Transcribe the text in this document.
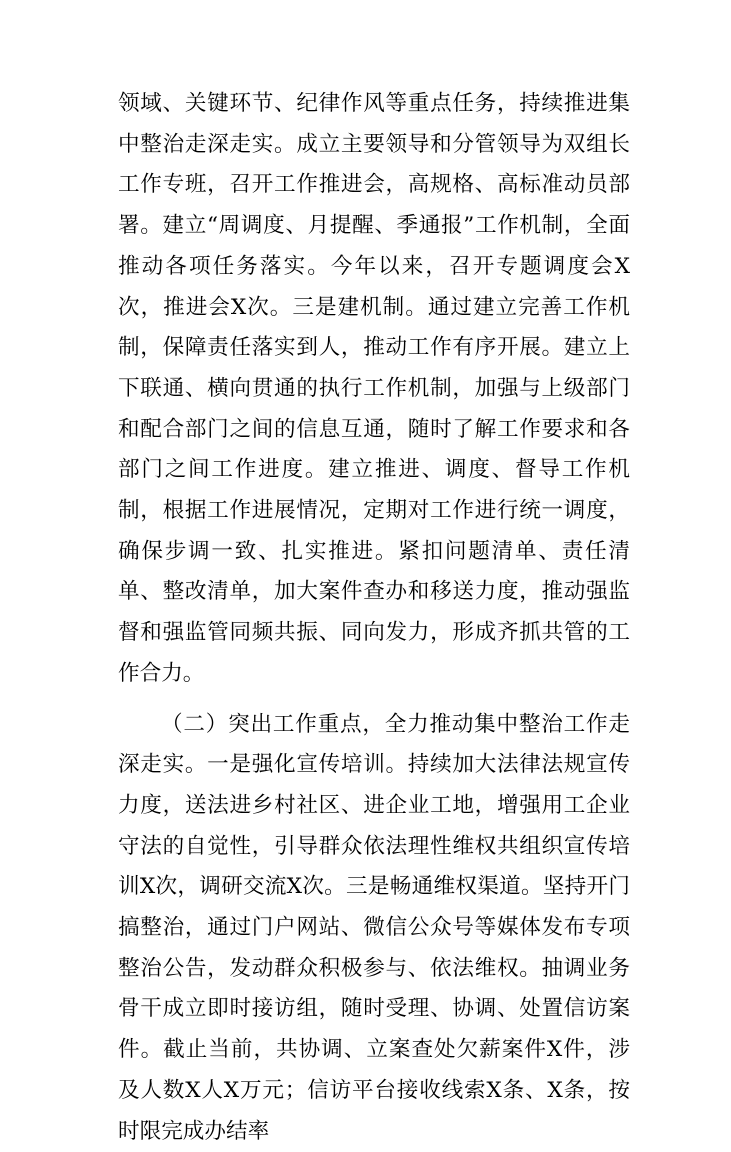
领域、关键环节、纪律作风等重点任务，持续推进集中整治走深走实。成立主要领导和分管领导为双组长工作专班，召开工作推进会，高规格、高标准动员部署。建立“周调度、月提醒、季通报”工作机制，全面推动各项任务落实。今年以来，召开专题调度会X次，推进会X次。三是建机制。通过建立完善工作机制，保障责任落实到人，推动工作有序开展。建立上下联通、横向贯通的执行工作机制，加强与上级部门和配合部门之间的信息互通，随时了解工作要求和各部门之间工作进度。建立推进、调度、督导工作机制，根据工作进展情况，定期对工作进行统一调度，确保步调一致、扎实推进。紧扣问题清单、责任清单、整改清单，加大案件查办和移送力度，推动强监督和强监管同频共振、同向发力，形成齐抓共管的工作合力。

（二）突出工作重点，全力推动集中整治工作走深走实。一是强化宣传培训。持续加大法律法规宣传力度，送法进乡村社区、进企业工地，增强用工企业守法的自觉性，引导群众依法理性维权共组织宣传培训X次，调研交流X次。三是畅通维权渠道。坚持开门搞整治，通过门户网站、微信公众号等媒体发布专项整治公告，发动群众积极参与、依法维权。抽调业务骨干成立即时接访组，随时受理、协调、处置信访案件。截止当前，共协调、立案查处欠薪案件X件，涉及人数X人X万元；信访平台接收线索X条、X条，按时限完成办结率
